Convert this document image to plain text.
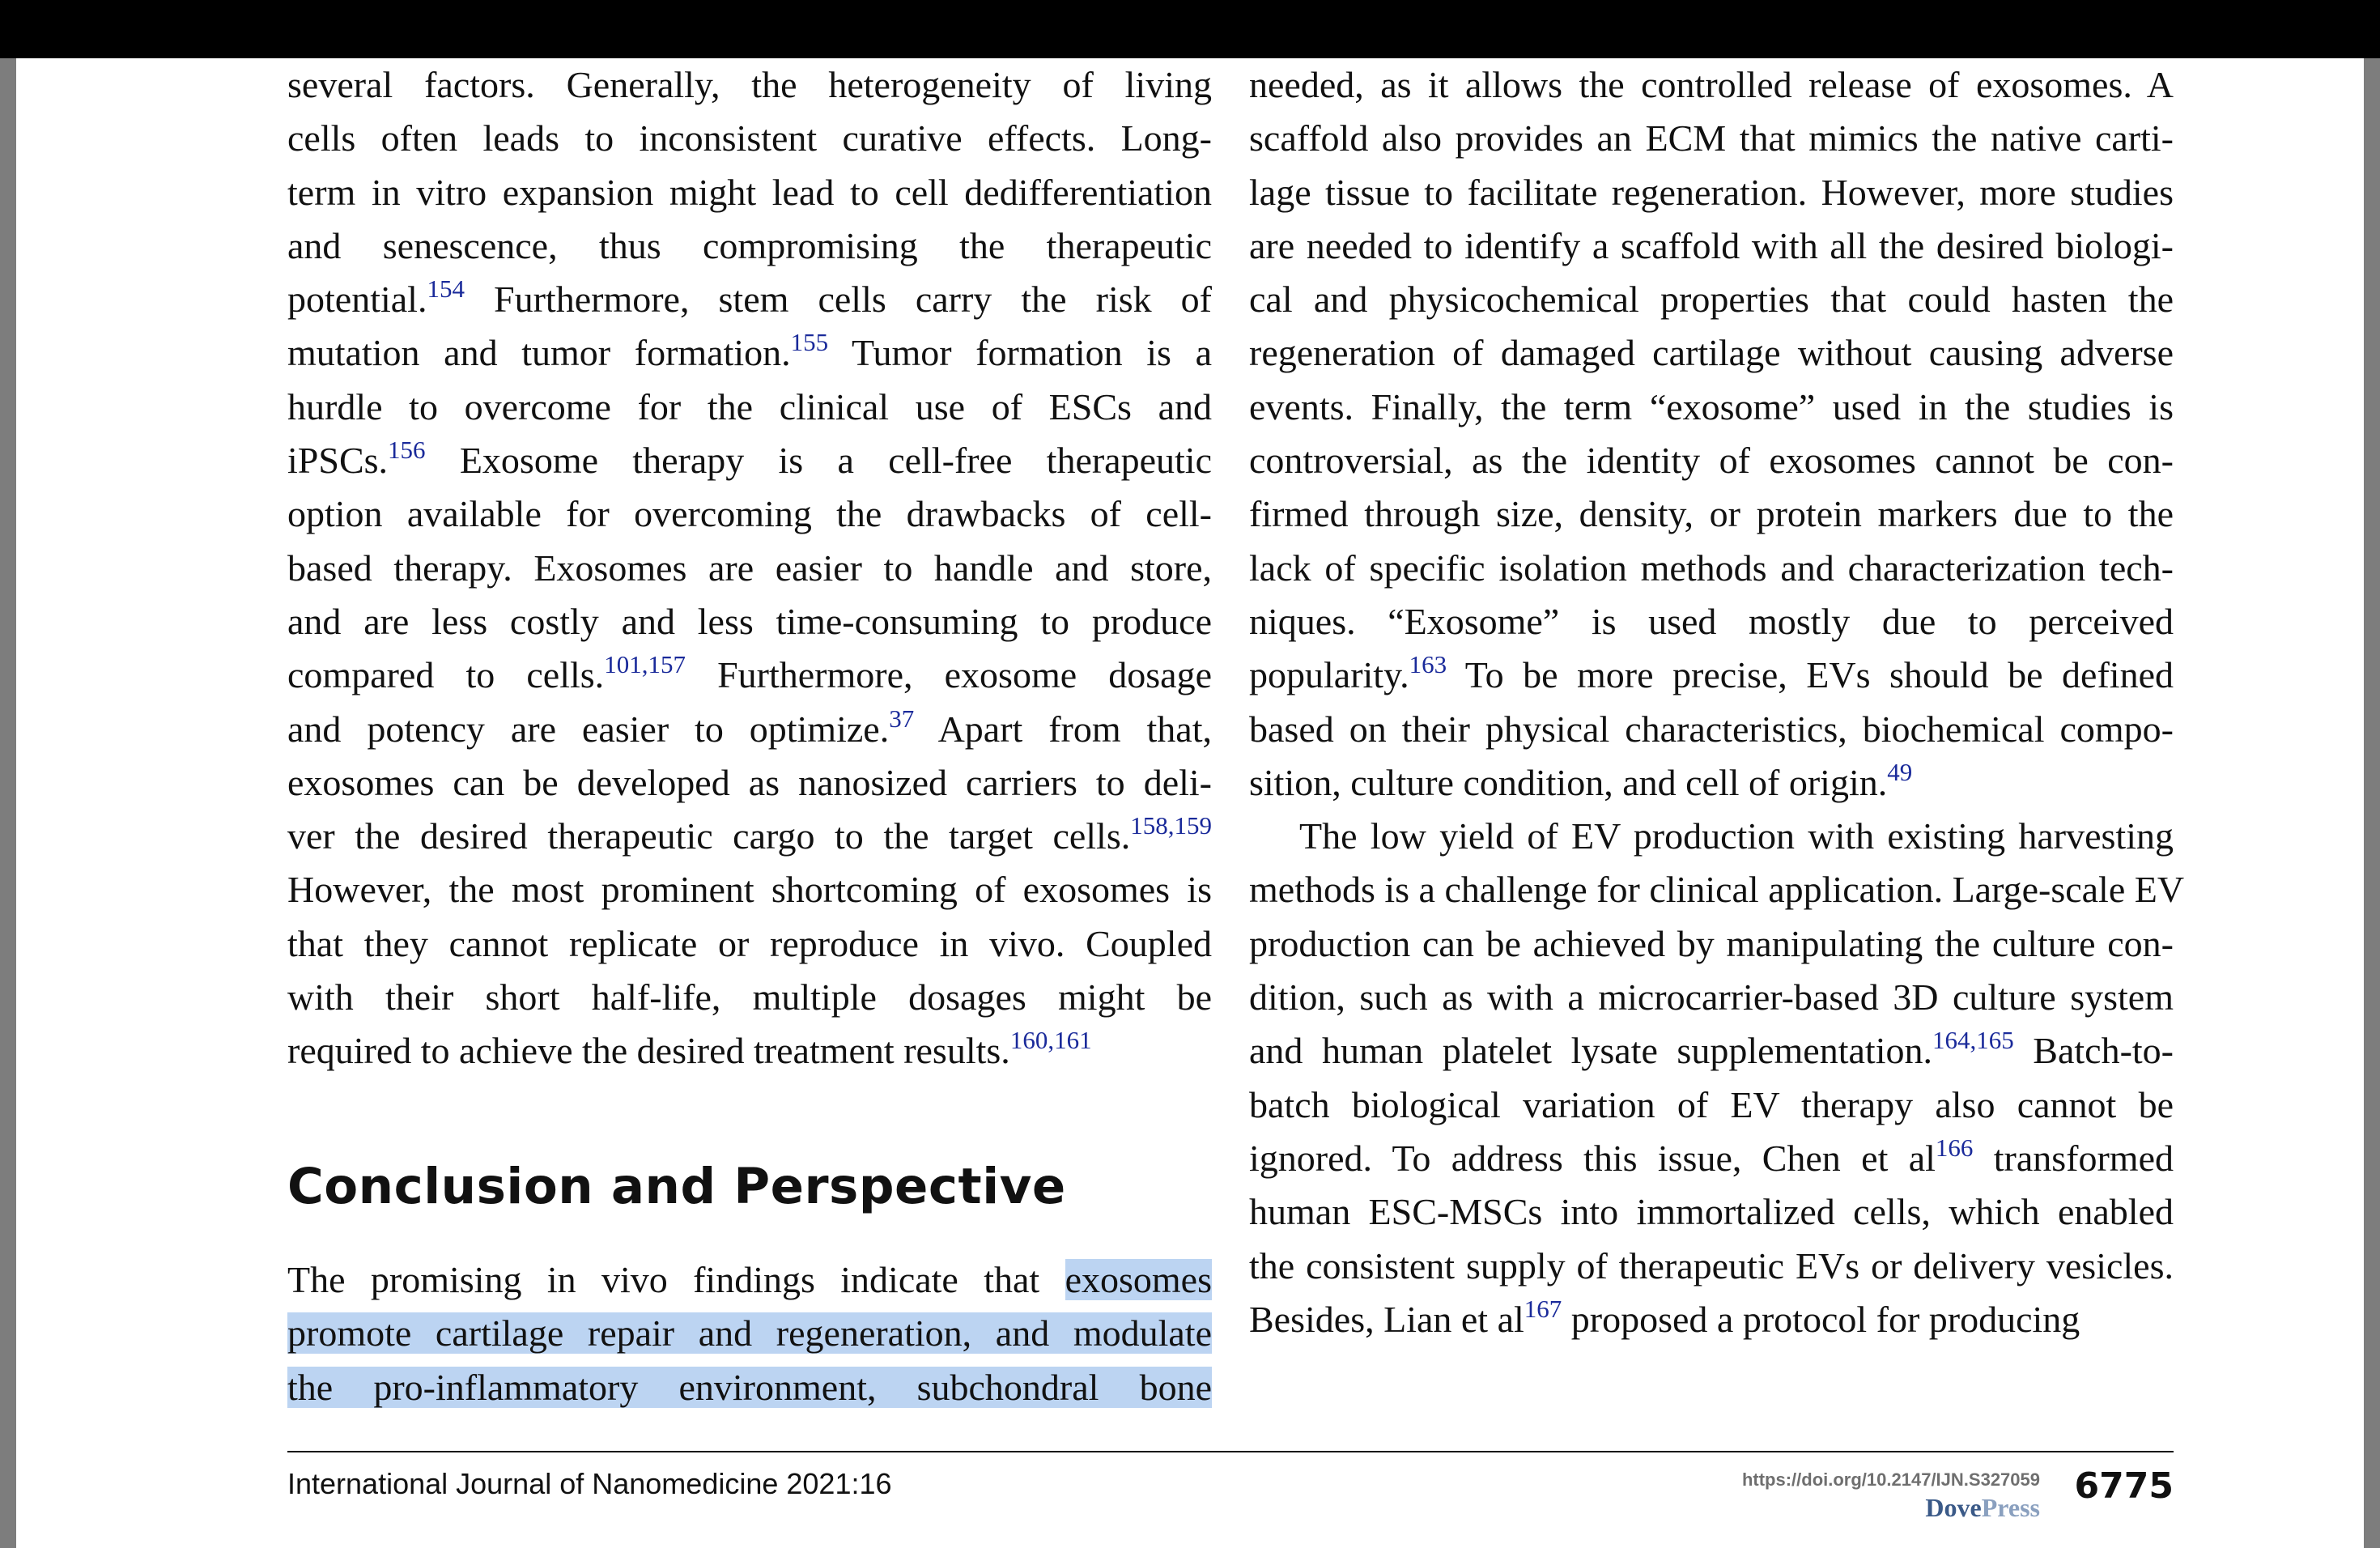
several factors. Generally, the heterogeneity of living
cells often leads to inconsistent curative effects. Long-
term in vitro expansion might lead to cell dedifferentiation
and senescence, thus compromising the therapeutic
potential.$^{154}$ Furthermore, stem cells carry the risk of
mutation and tumor formation.$^{155}$ Tumor formation is a
hurdle to overcome for the clinical use of ESCs and
iPSCs.$^{156}$ Exosome therapy is a cell-free therapeutic
option available for overcoming the drawbacks of cell-
based therapy. Exosomes are easier to handle and store,
and are less costly and less time-consuming to produce
compared to cells.$^{101,157}$ Furthermore, exosome dosage
and potency are easier to optimize.$^{37}$ Apart from that,
exosomes can be developed as nanosized carriers to deli-
ver the desired therapeutic cargo to the target cells.$^{158,159}$
However, the most prominent shortcoming of exosomes is
that they cannot replicate or reproduce in vivo. Coupled
with their short half-life, multiple dosages might be
required to achieve the desired treatment results.$^{160,161}$
Conclusion and Perspective
The promising in vivo findings indicate that exosomes
promote cartilage repair and regeneration, and modulate
the pro-inflammatory environment, subchondral bone
needed, as it allows the controlled release of exosomes. A
scaffold also provides an ECM that mimics the native carti-
lage tissue to facilitate regeneration. However, more studies
are needed to identify a scaffold with all the desired biologi-
cal and physicochemical properties that could hasten the
regeneration of damaged cartilage without causing adverse
events. Finally, the term “exosome” used in the studies is
controversial, as the identity of exosomes cannot be con-
firmed through size, density, or protein markers due to the
lack of specific isolation methods and characterization tech-
niques. “Exosome” is used mostly due to perceived
popularity.$^{163}$ To be more precise, EVs should be defined
based on their physical characteristics, biochemical compo-
sition, culture condition, and cell of origin.$^{49}$
The low yield of EV production with existing harvesting
methods is a challenge for clinical application. Large-scale EV
production can be achieved by manipulating the culture con-
dition, such as with a microcarrier-based 3D culture system
and human platelet lysate supplementation.$^{164,165}$ Batch-to-
batch biological variation of EV therapy also cannot be
ignored. To address this issue, Chen et al$^{166}$ transformed
human ESC-MSCs into immortalized cells, which enabled
the consistent supply of therapeutic EVs or delivery vesicles.
Besides, Lian et al$^{167}$ proposed a protocol for producing
International Journal of Nanomedicine 2021:16	https://doi.org/10.2147/IJN.S327059
DovePress
6775
